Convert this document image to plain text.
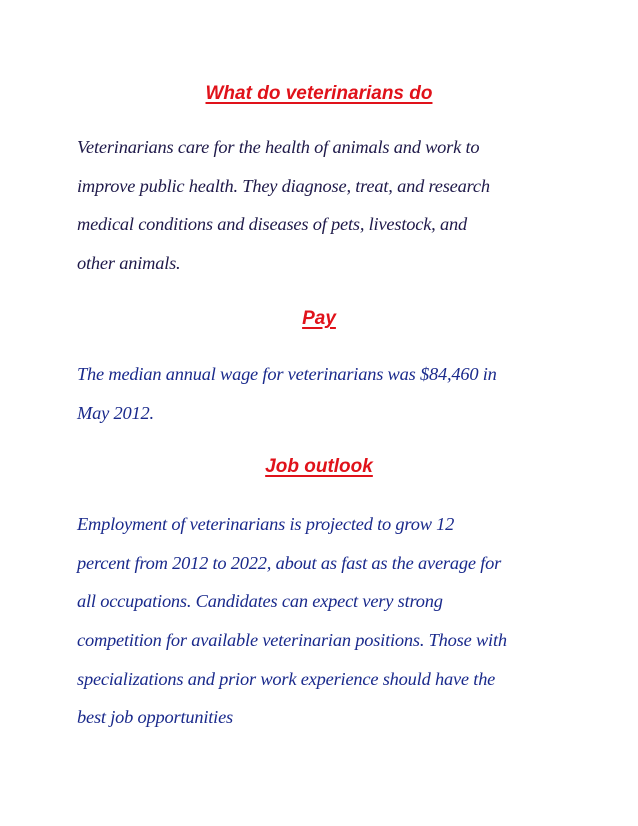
What do veterinarians do

Veterinarians care for the health of animals and work to
improve public health. They diagnose, treat, and research
medical conditions and diseases of pets, livestock, and
other animals.

Pay

The median annual wage for veterinarians was $84,460 in
May 2012.

Job outlook

Employment of veterinarians is projected to grow 12
percent from 2012 to 2022, about as fast as the average for
all occupations. Candidates can expect very strong
competition for available veterinarian positions. Those with
specializations and prior work experience should have the
best job opportunities
